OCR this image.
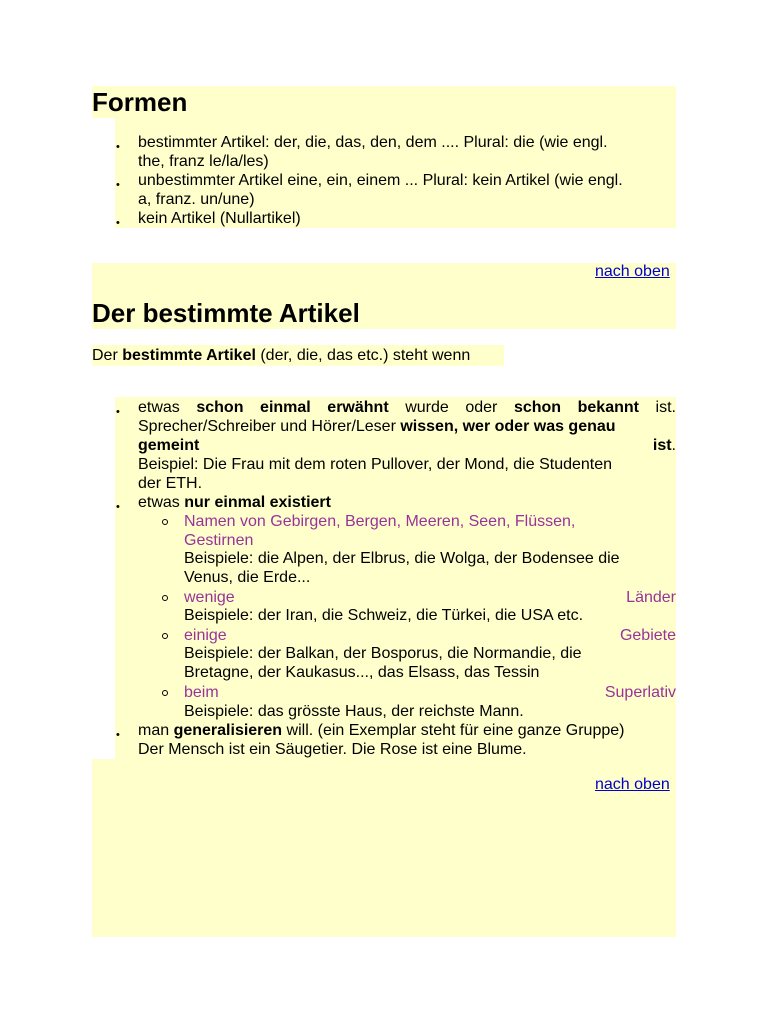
Formen
• bestimmter Artikel: der, die, das, den, dem .... Plural: die (wie engl.
the, franz le/la/les)
• unbestimmter Artikel eine, ein, einem ... Plural: kein Artikel (wie engl.
a, franz. un/une)
• kein Artikel (Nullartikel)
nach oben
Der bestimmte Artikel
Der bestimmte Artikel (der, die, das etc.) steht wenn
• etwas schon einmal erwähnt wurde oder schon bekannt ist.
Sprecher/Schreiber und Hörer/Leser wissen, wer oder was genau
gemeint	ist.
Beispiel: Die Frau mit dem roten Pullover, der Mond, die Studenten
der ETH.
• etwas nur einmal existiert
Namen von Gebirgen, Bergen, Meeren, Seen, Flüssen,
Gestirnen
Beispiele: die Alpen, der Elbrus, die Wolga, der Bodensee die
Venus, die Erde...
wenige	Länder
Beispiele: der Iran, die Schweiz, die Türkei, die USA etc.
einige	Gebiete
Beispiele: der Balkan, der Bosporus, die Normandie, die
Bretagne, der Kaukasus..., das Elsass, das Tessin
beim	Superlativ
Beispiele: das grösste Haus, der reichste Mann.
• man generalisieren will. (ein Exemplar steht für eine ganze Gruppe)
Der Mensch ist ein Säugetier. Die Rose ist eine Blume.
nach oben
